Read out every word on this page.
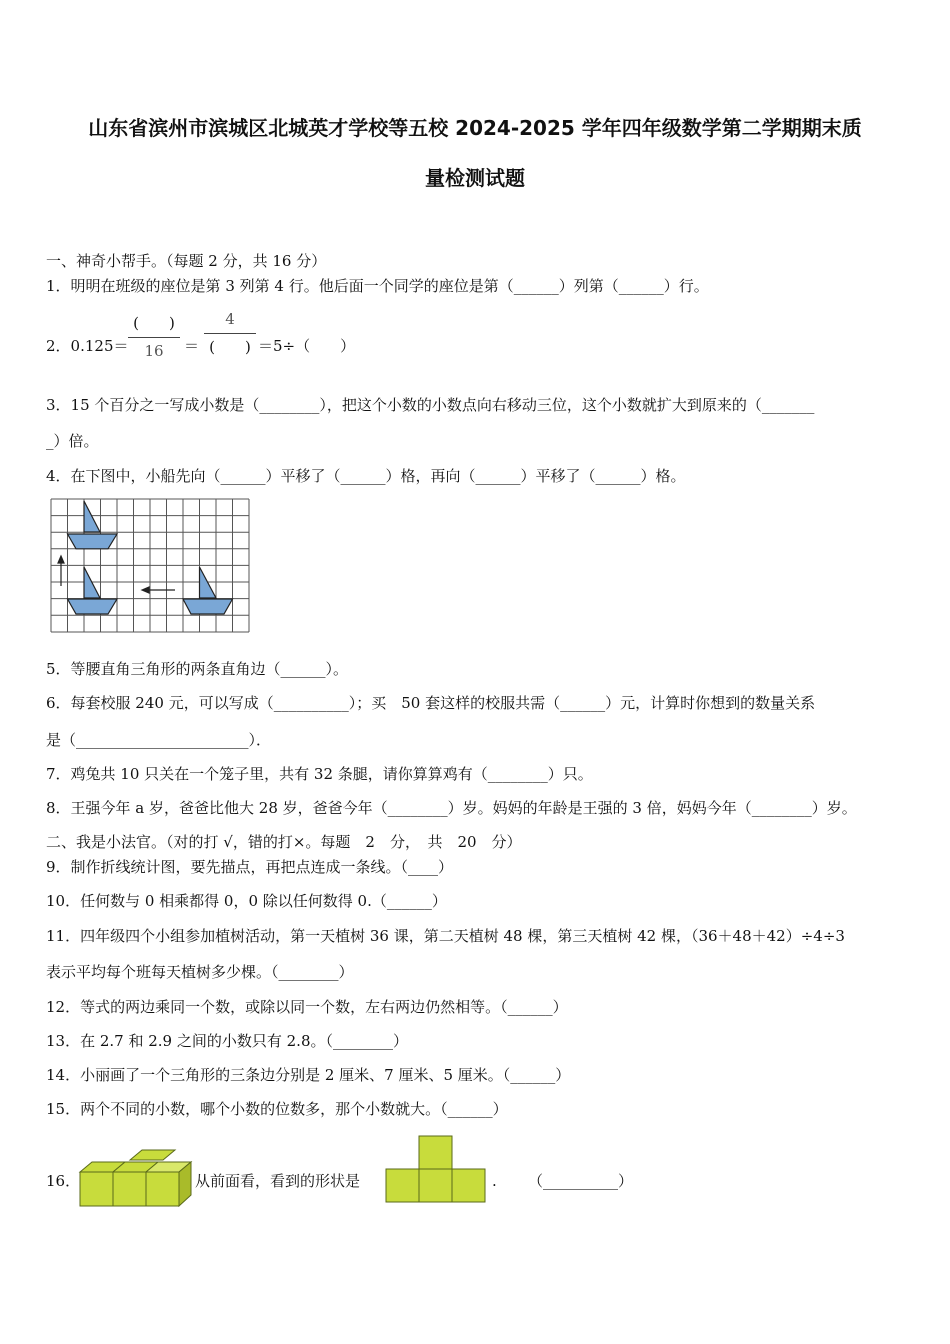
山东省滨州市滨城区北城英才学校等五校 2024-2025 学年四年级数学第二学期期末质
量检测试题
一、神奇小帮手。（每题 2 分，共 16 分）
1．明明在班级的座位是第 3 列第 4 行。他后面一个同学的座位是第（______）列第（______）行。
2．0.125＝
(　　)
16	＝
4
(　　) ＝5÷（　　）
3．15 个百分之一写成小数是（________），把这个小数的小数点向右移动三位，这个小数就扩大到原来的（_______
_）倍。
4．在下图中，小船先向（______）平移了（______）格，再向（______）平移了（______）格。
5．等腰直角三角形的两条直角边（______）。
6．每套校服 240 元，可以写成（__________）；买　50 套这样的校服共需（______）元，计算时你想到的数量关系
是（_______________________）．
7．鸡兔共 10 只关在一个笼子里，共有 32 条腿，请你算算鸡有（________）只。
8．王强今年 a 岁，爸爸比他大 28 岁，爸爸今年（________）岁。妈妈的年龄是王强的 3 倍，妈妈今年（________）岁。
二、我是小法官。（对的打 √，错的打×。每题　2　分，　共　20　分）
9．制作折线统计图，要先描点，再把点连成一条线。（____）
10．任何数与 0 相乘都得 0，0 除以任何数得 0.（______）
11．四年级四个小组参加植树活动，第一天植树 36 课，第二天植树 48 棵，第三天植树 42 棵，（36＋48＋42）÷4÷3
表示平均每个班每天植树多少棵。（________）
12．等式的两边乘同一个数，或除以同一个数，左右两边仍然相等。（______）
13．在 2.7 和 2.9 之间的小数只有 2.8。（________）
14．小丽画了一个三角形的三条边分别是 2 厘米、7 厘米、5 厘米。（______）
15．两个不同的小数，哪个小数的位数多，那个小数就大。（______）
16．	从前面看，看到的形状是	. （__________）
